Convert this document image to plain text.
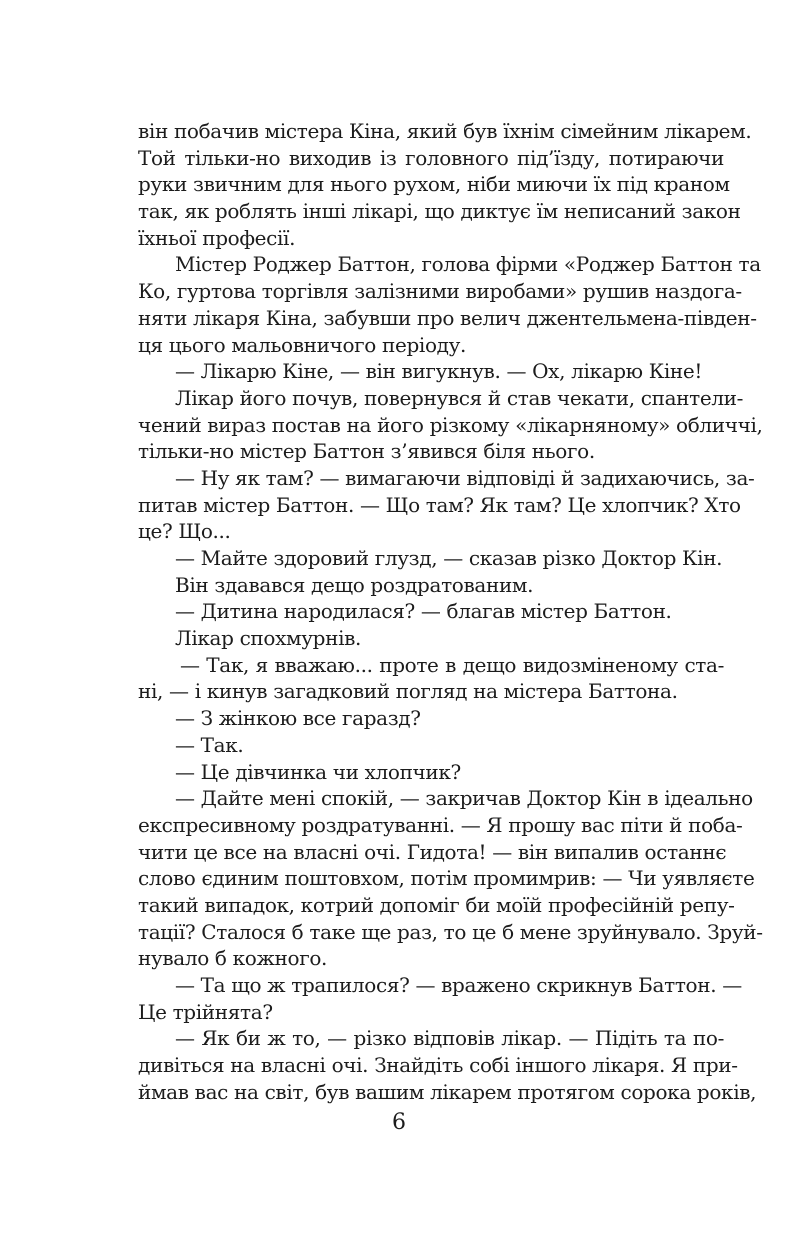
він побачив містера Кіна, який був їхнім сімейним лікарем.
Той тільки-но виходив із головного під’їзду, потираючи
руки звичним для нього рухом, ніби миючи їх під краном
так, як роблять інші лікарі, що диктує їм неписаний закон
їхньої професії.
Містер Роджер Баттон, голова фірми «Роджер Баттон та
Ко, гуртова торгівля залізними виробами» рушив наздога-
няти лікаря Кіна, забувши про велич джентельмена-півден-
ця цього мальовничого періоду.
— Лікарю Кіне, — він вигукнув. — Ох, лікарю Кіне!
Лікар його почув, повернувся й став чекати, спантели-
чений вираз постав на його різкому «лікарняному» обличчі,
тільки-но містер Баттон з’явився біля нього.
— Ну як там? — вимагаючи відповіді й задихаючись, за-
питав містер Баттон. — Що там? Як там? Це хлопчик? Хто
це? Що...
— Майте здоровий глузд, — сказав різко Доктор Кін.
Він здавався дещо роздратованим.
— Дитина народилася? — благав містер Баттон.
Лікар спохмурнів.
— Так, я вважаю... проте в дещо видозміненому ста-
ні, — і кинув загадковий погляд на містера Баттона.
— З жінкою все гаразд?
— Так.
— Це дівчинка чи хлопчик?
— Дайте мені спокій, — закричав Доктор Кін в ідеально
експресивному роздратуванні. — Я прошу вас піти й поба-
чити це все на власні очі. Гидота! — він випалив останнє
слово єдиним поштовхом, потім промимрив: — Чи уявляєте
такий випадок, котрий допоміг би моїй професійній репу-
тації? Сталося б таке ще раз, то це б мене зруйнувало. Зруй-
нувало б кожного.
— Та що ж трапилося? — вражено скрикнув Баттон. —
Це трійнята?
— Як би ж то, — різко відповів лікар. — Підіть та по-
дивіться на власні очі. Знайдіть собі іншого лікаря. Я при-
ймав вас на світ, був вашим лікарем протягом сорока років,
6
